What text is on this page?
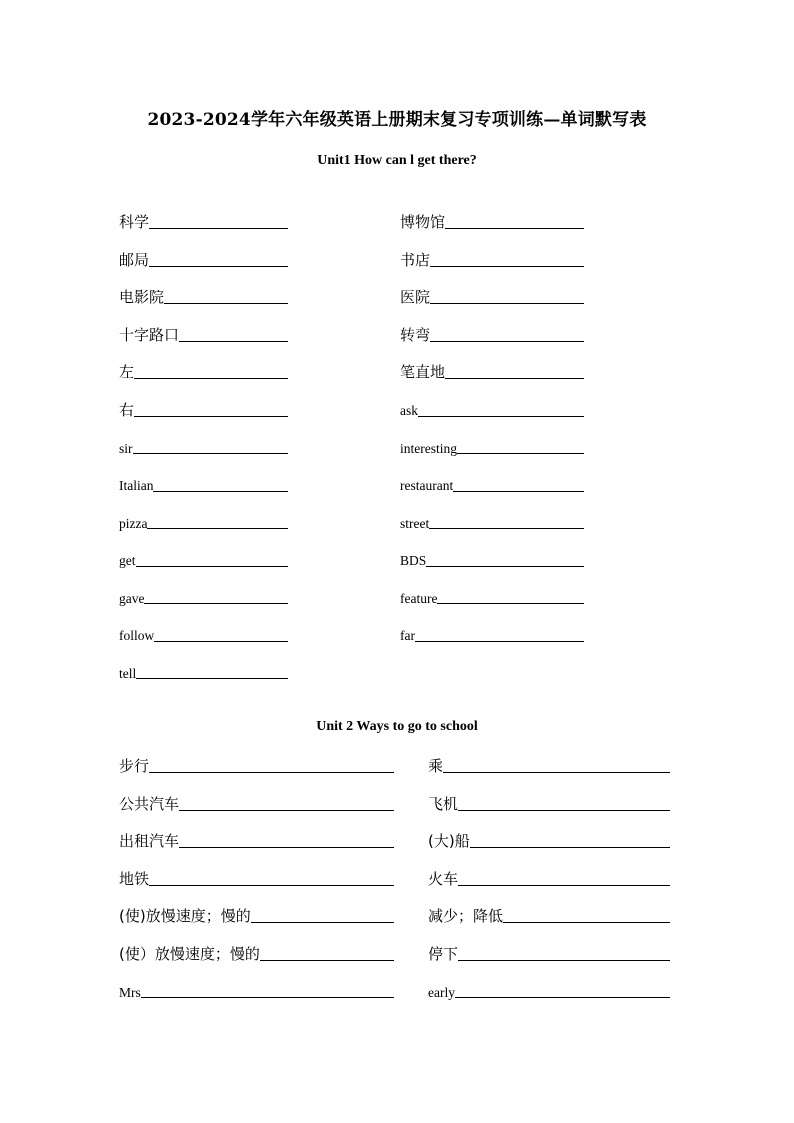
2023-2024学年六年级英语上册期末复习专项训练—单词默写表
Unit1 How can l get there?
Unit 2 Ways to go to school
科学
邮局
电影院
十字路口
左
右
sir
Italian
pizza
get
gave
follow
tell
博物馆
书店
医院
转弯
笔直地
ask
interesting
restaurant
street
BDS
feature
far
步行
公共汽车
出租汽车
地铁
(使)放慢速度；慢的
(使）放慢速度；慢的
Mrs
乘
飞机
(大)船
火车
减少；降低
停下
early
